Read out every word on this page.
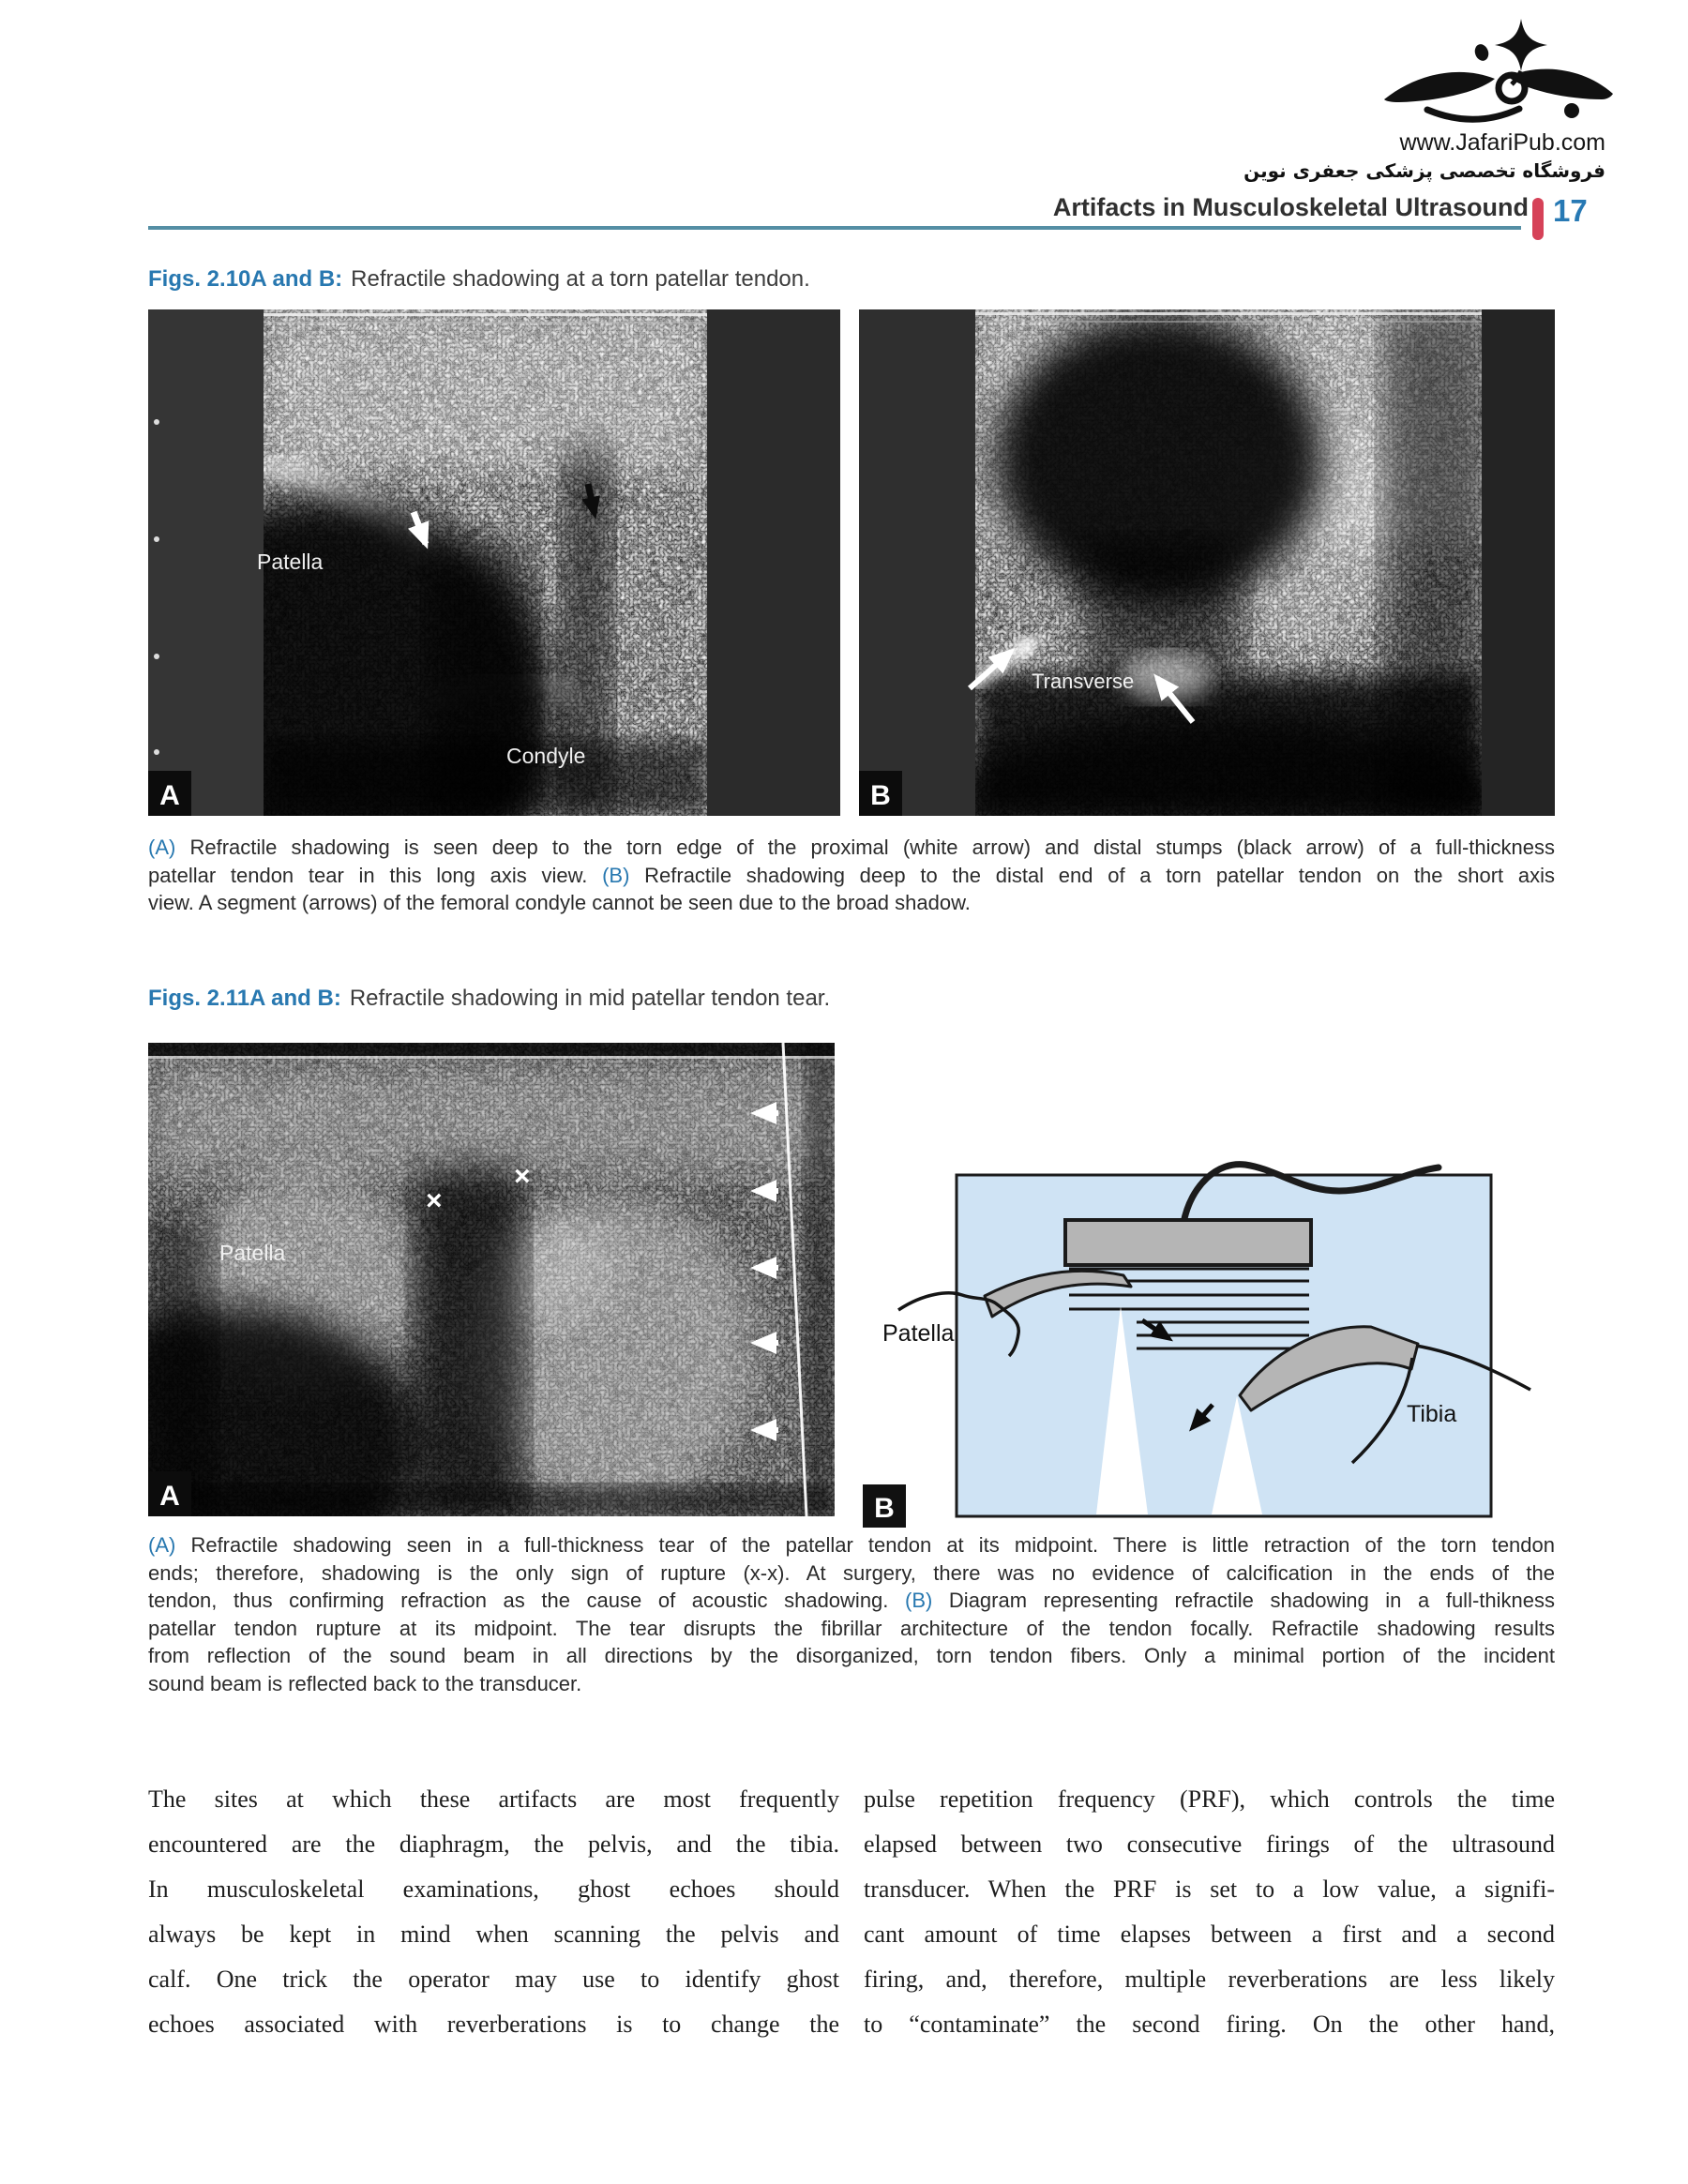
www.JafariPub.com
فروشگاه تخصصی پزشکی جعفری نوین
Artifacts in Musculoskeletal Ultrasound 17
Figs. 2.10A and B: Refractile shadowing at a torn patellar tendon.
Patella
Condyle
A
Transverse
B
(A) Refractile shadowing is seen deep to the torn edge of the proximal (white arrow) and distal stumps (black arrow) of a full-thickness
patellar tendon tear in this long axis view. (B) Refractile shadowing deep to the distal end of a torn patellar tendon on the short axis
view. A segment (arrows) of the femoral condyle cannot be seen due to the broad shadow.
Figs. 2.11A and B: Refractile shadowing in mid patellar tendon tear.
×
×
Patella
A
Patella
Tibia
B
(A) Refractile shadowing seen in a full-thickness tear of the patellar tendon at its midpoint. There is little retraction of the torn tendon
ends; therefore, shadowing is the only sign of rupture (x-x). At surgery, there was no evidence of calcification in the ends of the
tendon, thus confirming refraction as the cause of acoustic shadowing. (B) Diagram representing refractile shadowing in a full-thikness
patellar tendon rupture at its midpoint. The tear disrupts the fibrillar architecture of the tendon focally. Refractile shadowing results
from reflection of the sound beam in all directions by the disorganized, torn tendon fibers. Only a minimal portion of the incident
sound beam is reflected back to the transducer.
The sites at which these artifacts are most frequently
encountered are the diaphragm, the pelvis, and the tibia.
In musculoskeletal examinations, ghost echoes should
always be kept in mind when scanning the pelvis and
calf. One trick the operator may use to identify ghost
echoes associated with reverberations is to change the
pulse repetition frequency (PRF), which controls the time
elapsed between two consecutive firings of the ultrasound
transducer. When the PRF is set to a low value, a signifi-
cant amount of time elapses between a first and a second
firing, and, therefore, multiple reverberations are less likely
to “contaminate” the second firing. On the other hand,
